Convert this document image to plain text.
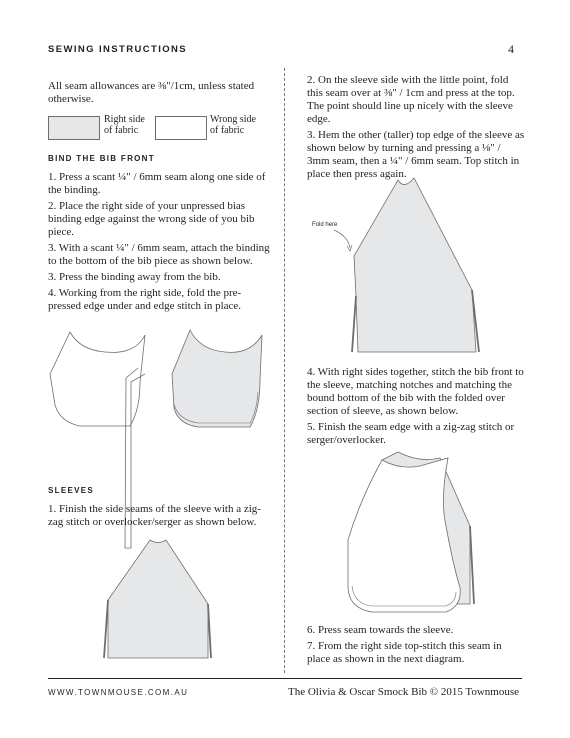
SEWING INSTRUCTIONS	4

All seam allowances are ⅜"/1cm, unless stated otherwise.

Right side
of fabric
Wrong side
of fabric
BIND THE BIB FRONT

1. Press a scant ¼" / 6mm seam along one side of the binding.

2. Place the right side of your unpressed bias binding edge against the wrong side of you bib piece.

3. With a scant ¼" / 6mm seam, attach the binding to the bottom of the bib piece as shown below.

3. Press the binding away from the bib.

4. Working from the right side, fold the pre-pressed edge under and edge stitch in place.

SLEEVES

1. Finish the side seams of the sleeve with a zig-zag stitch or overlocker/serger as shown below.

2. On the sleeve side with the little point, fold this seam over at ⅜" / 1cm and press at the top. The point should line up nicely with the sleeve edge.

3. Hem the other (taller) top edge of the sleeve as shown below by turning and pressing a ⅛" / 3mm seam, then a ¼" / 6mm seam. Top stitch in place then press again.

Fold here

4. With right sides together, stitch the bib front to the sleeve, matching notches and matching the bound bottom of the bib with the folded over section of sleeve, as shown below.

5. Finish the seam edge with a zig-zag stitch or serger/overlocker.

6. Press seam towards the sleeve.

7. From the right side top-stitch this seam in place as shown in the next diagram.

WWW.TOWNMOUSE.COM.AU	The Olivia & Oscar Smock Bib © 2015 Townmouse
